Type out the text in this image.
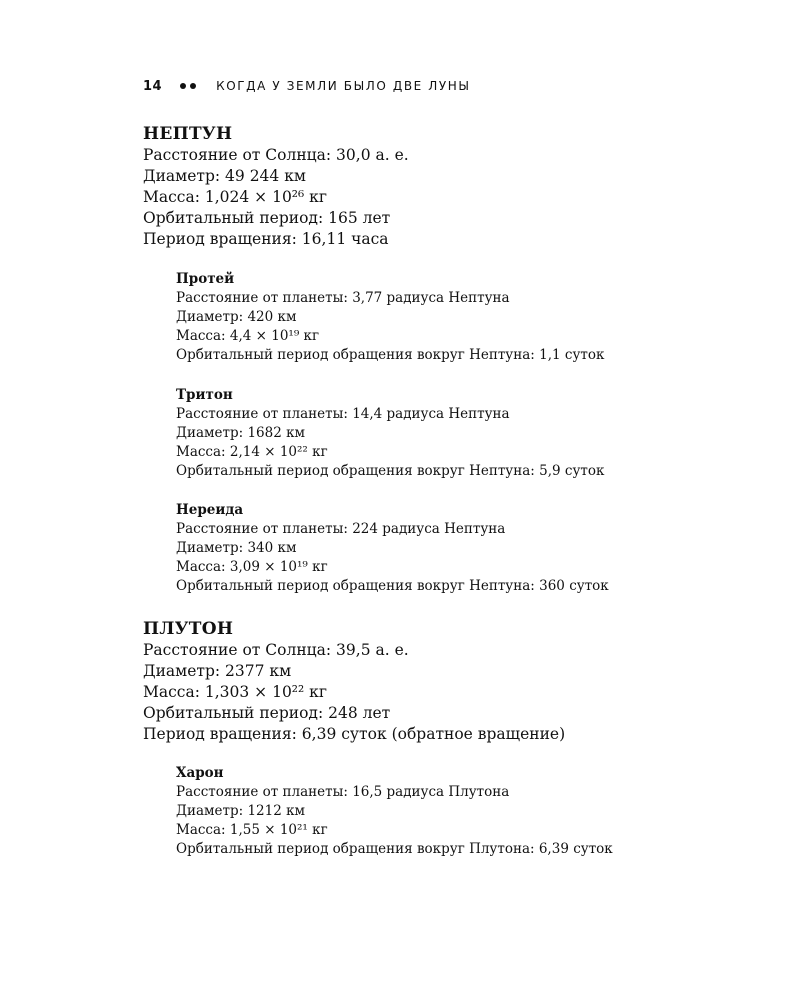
14	КОГДА У ЗЕМЛИ БЫЛО ДВЕ ЛУНЫ
НЕПТУН

Расстояние от Солнца: 30,0 а. е.

Диаметр: 49 244 км

Масса: 1,024 × 10²⁶ кг

Орбитальный период: 165 лет

Период вращения: 16,11 часа

Протей

Расстояние от планеты: 3,77 радиуса Нептуна

Диаметр: 420 км

Масса: 4,4 × 10¹⁹ кг

Орбитальный период обращения вокруг Нептуна: 1,1 суток

Тритон

Расстояние от планеты: 14,4 радиуса Нептуна

Диаметр: 1682 км

Масса: 2,14 × 10²² кг

Орбитальный период обращения вокруг Нептуна: 5,9 суток

Нереида

Расстояние от планеты: 224 радиуса Нептуна

Диаметр: 340 км

Масса: 3,09 × 10¹⁹ кг

Орбитальный период обращения вокруг Нептуна: 360 суток

ПЛУТОН

Расстояние от Солнца: 39,5 а. е.

Диаметр: 2377 км

Масса: 1,303 × 10²² кг

Орбитальный период: 248 лет

Период вращения: 6,39 суток (обратное вращение)

Харон

Расстояние от планеты: 16,5 радиуса Плутона

Диаметр: 1212 км

Масса: 1,55 × 10²¹ кг

Орбитальный период обращения вокруг Плутона: 6,39 суток
